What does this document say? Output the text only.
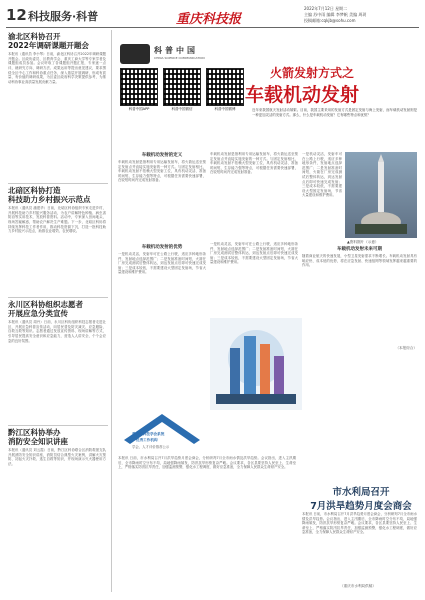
12 科技服务·科普	重庆科技报
2022年7月12日 星期二
主编 苏中雨 编辑 李梦帆 美编 周玥
投稿邮箱:cqkjb@sohu.com
渝北区科协召开
2022年调研课题开题会
本报讯（通讯员 李小琴）日前，渝北区科协召开2022年调研课题开题会。区政协委员、区教育学会、重庆工商大学等专家学者及课题组成员参加。会议听取了各课题组开题汇报，专家逐一点评，就研究方向、调研方法、成果运用等提出意见建议，要求围绕全区中心工作和科协重点任务，深入基层开展调研，形成有质量、有价值的调研成果，为区委区政府科学决策提供参考，为推动科协事业高质量发展贡献力量。
北碚区科协打造
科技助力乡村振兴示范点
本报讯（通讯员 潘建华）日前，北碚区科协组织专家走进乡村，开展科技助力乡村振兴服务活动，为农户讲解特色种植、病虫害防治等实用技术，发放科普资料。活动中，专家深入田间地头，现场答疑解惑，帮助农户解决生产难题。下一步，北碚区科协将持续发挥科技工作者作用，推动科技资源下沉，打造一批科技助力乡村振兴示范点，助推农业增效、农民增收。
永川区科协组织志愿者
开展应急分类宣传
本报讯（通讯员 周丹）日前，永川区科协组织科技志愿者走进社区，开展应急科普宣传活动，向居民普及防灾减灾、应急避险、自救互救等知识。志愿者通过发放宣传资料、现场讲解等方式，引导居民提高安全意识和应急能力，营造人人讲安全、个个会应急的良好氛围。
黔江区科协举办
消防安全知识讲座
本报讯（通讯员 刘云霞）日前，黔江区科协联合区消防救援支队开展消防安全知识讲座，消防员结合典型火灾案例，讲解火灾预防、初起火灾扑救、逃生自救等知识，并现场演示灭火器使用方法。
科普中国
CHINA SCIENCE COMMUNICATION
科普中国APP	科普中国微信	科普中国微博
火箭发射方式之
车载机动发射
近年来我国航天发射活动频繁。目前，我国主要采用的发射方式是固定发射与海上发射，而车载机动发射则是一种更加灵活的发射方式。那么，什么是车载机动发射？它有哪些特点和优势？
车载机动发射的定义
车载机动发射是指利用专用运输发射车，将火箭运送至预定发射点并直接实施发射的一种方式。与固定发射相比，车载机动发射不依赖大型发射工位，具有机动灵活、准备时间短、生存能力强等特点，可根据任务需要快速部署，在较短时间内完成发射准备。
车载机动发射的优势
一是机动灵活，发射车可在公路上行驶，适应多种地形条件，发射地点选择范围广；二是发射准备时间短，火箭在厂房完成测试后整体转运，到达发射点后即可快速完成发射；三是成本较低，不需要建设大型固定发射场，节省大量建设和维护费用。
车载机动发射是指利用专用运输发射车，将火箭运送至预定发射点并直接实施发射的一种方式。与固定发射相比，车载机动发射不依赖大型发射工位，具有机动灵活、准备时间短、生存能力强等特点，可根据任务需要快速部署，在较短时间内完成发射准备。
一是机动灵活，发射车可在公路上行驶，适应多种地形条件，发射地点选择范围广；二是发射准备时间短，火箭在厂房完成测试后整体转运，到达发射点后即可快速完成发射；三是成本较低，不需要建设大型固定发射场，节省大量建设和维护费用。
▲资料图片（示意）
一是机动灵活，发射车可在公路上行驶，适应多种地形条件，发射地点选择范围广；二是发射准备时间短，火箭在厂房完成测试后整体转运，到达发射点后即可快速完成发射；三是成本较低，不需要建设大型固定发射场，节省大量建设和维护费用。
车载机动发射未来可期
随着商业航天的快速发展，小型卫星发射需求不断增长。车载机动发射具有响应快、成本低的优势，将在应急发射、快速组网等领域发挥越来越重要的作用。
（本报综合）
重庆市科技学会系统
优秀工作机构
学会、人才评价推荐公示
市水利局召开
7月洪旱趋势月度会商会
本报讯 日前，市水利局召开7月洪旱趋势月度会商会，分析研判7月全市雨水情及洪旱趋势。会议指出，进入主汛期后，全市降雨时空分布不均，局地强降雨频发，防汛抗旱形势复杂严峻。会议要求，各区县要坚持人民至上、生命至上，严格落实防汛抗旱责任，加强监测预警，强化水工程调度，做好应急准备，全力保障人民群众生命财产安全。
本报讯 日前，市水利局召开7月洪旱趋势月度会商会，分析研判7月全市雨水情及洪旱趋势。会议指出，进入主汛期后，全市降雨时空分布不均，局地强降雨频发，防汛抗旱形势复杂严峻。会议要求，各区县要坚持人民至上、生命至上，严格落实防汛抗旱责任，加强监测预警，强化水工程调度，做好应急准备，全力保障人民群众生命财产安全。
（重庆市水利局供稿）
